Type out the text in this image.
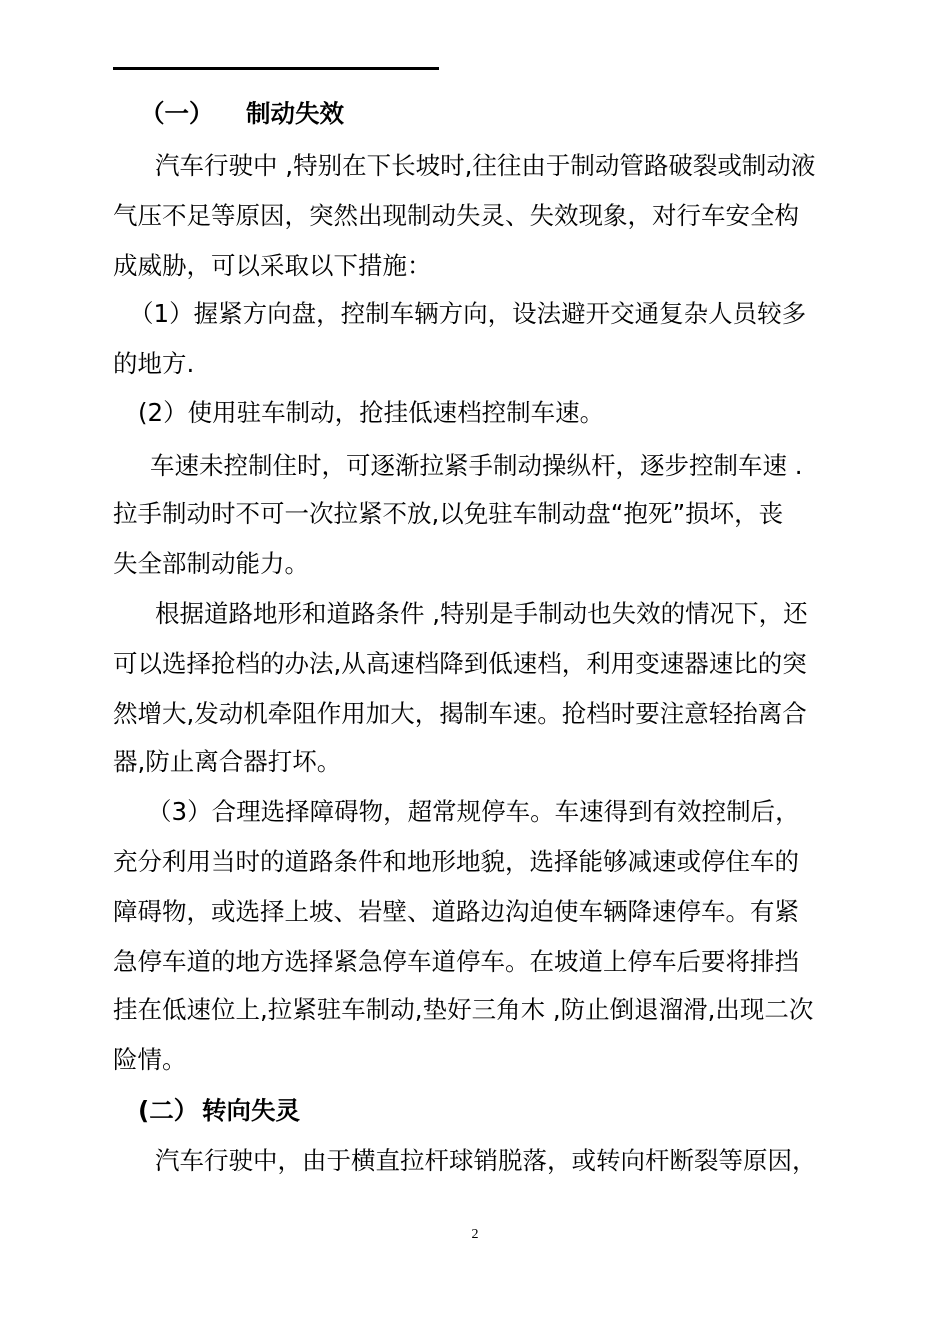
（一） 制动失效
汽车行驶中 ,特别在下长坡时,往往由于制动管路破裂或制动液
气压不足等原因，突然出现制动失灵、失效现象，对行车安全构
成威胁，可以采取以下措施：
（1）握紧方向盘，控制车辆方向，设法避开交通复杂人员较多
的地方.
(2）使用驻车制动，抢挂低速档控制车速。
车速未控制住时，可逐渐拉紧手制动操纵杆，逐步控制车速 .
拉手制动时不可一次拉紧不放,以免驻车制动盘“抱死”损坏，丧
失全部制动能力。
根据道路地形和道路条件 ,特别是手制动也失效的情况下，还
可以选择抢档的办法,从高速档降到低速档，利用变速器速比的突
然增大,发动机牵阻作用加大，揭制车速。抢档时要注意轻抬离合
器,防止离合器打坏。
（3）合理选择障碍物，超常规停车。车速得到有效控制后，
充分利用当时的道路条件和地形地貌，选择能够减速或停住车的
障碍物，或选择上坡、岩壁、道路边沟迫使车辆降速停车。有紧
急停车道的地方选择紧急停车道停车。在坡道上停车后要将排挡
挂在低速位上,拉紧驻车制动,垫好三角木 ,防止倒退溜滑,出现二次
险情。
(二） 转向失灵
汽车行驶中，由于横直拉杆球销脱落，或转向杆断裂等原因，
2
